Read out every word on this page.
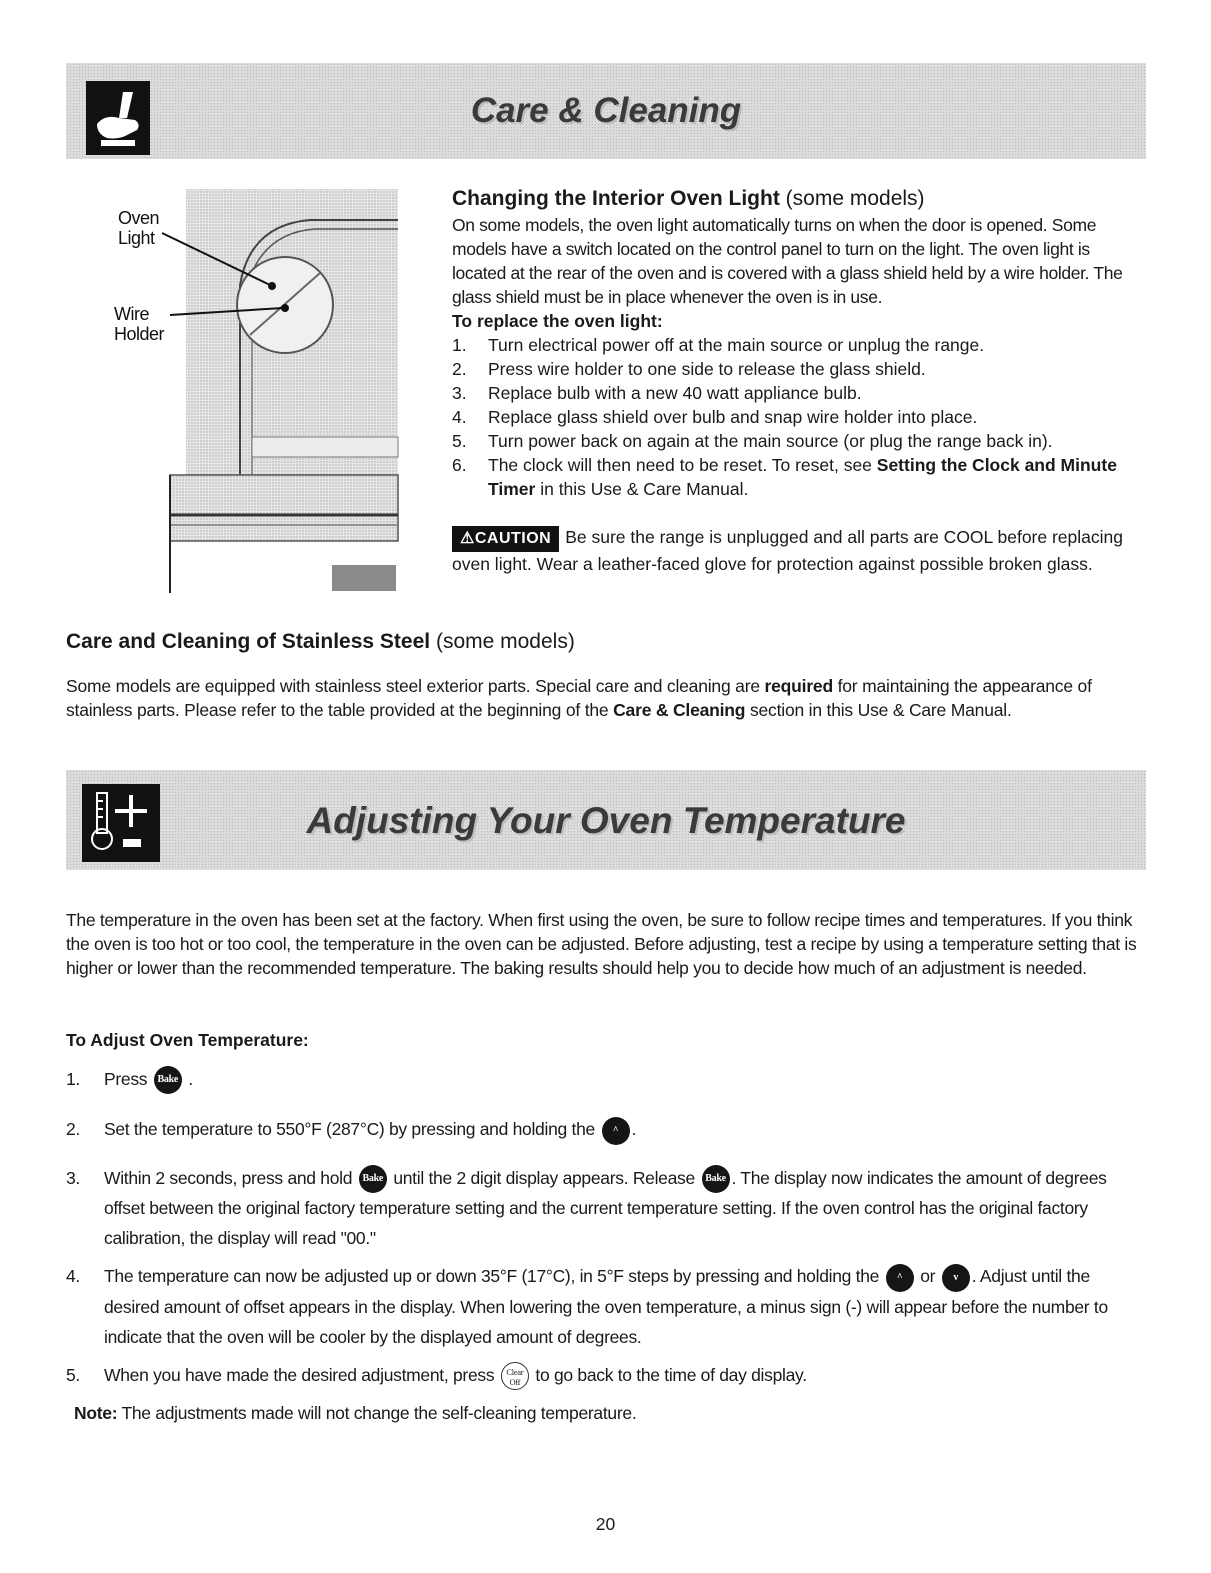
Care & Cleaning
Oven
Light
Wire
Holder
Changing the Interior Oven Light (some models)
On some models, the oven light automatically turns on when the door is opened. Some models have a switch located on the control panel to turn on the light. The oven light is located at the rear of the oven and is covered with a glass shield held by a wire holder. The glass shield must be in place whenever the oven is in use.
To replace the oven light:
1. Turn electrical power off at the main source or unplug the range.
2. Press wire holder to one side to release the glass shield.
3. Replace bulb with a new 40 watt appliance bulb.
4. Replace glass shield over bulb and snap wire holder into place.
5. Turn power back on again at the main source (or plug the range back in).
6. The clock will then need to be reset. To reset, see Setting the Clock and Minute Timer in this Use & Care Manual.
⚠CAUTION Be sure the range is unplugged and all parts are COOL before replacing oven light. Wear a leather-faced glove for protection against possible broken glass.
Care and Cleaning of Stainless Steel (some models)
Some models are equipped with stainless steel exterior parts. Special care and cleaning are required for maintaining the appearance of stainless parts. Please refer to the table provided at the beginning of the Care & Cleaning section in this Use & Care Manual.
Adjusting Your Oven Temperature
The temperature in the oven has been set at the factory. When first using the oven, be sure to follow recipe times and temperatures. If you think the oven is too hot or too cool, the temperature in the oven can be adjusted. Before adjusting, test a recipe by using a temperature setting that is higher or lower than the recommended temperature. The baking results should help you to decide how much of an adjustment is needed.
To Adjust Oven Temperature:
1. Press Bake .
2. Set the temperature to 550°F (287°C) by pressing and holding the ^ .
3. Within 2 seconds, press and hold Bake until the 2 digit display appears. Release Bake . The display now indicates the amount of degrees offset between the original factory temperature setting and the current temperature setting. If the oven control has the original factory calibration, the display will read "00."
4. The temperature can now be adjusted up or down 35°F (17°C), in 5°F steps by pressing and holding the ^ or v . Adjust until the desired amount of offset appears in the display. When lowering the oven temperature, a minus sign (-) will appear before the number to indicate that the oven will be cooler by the displayed amount of degrees.
5. When you have made the desired adjustment, press Clear Off to go back to the time of day display.
Note: The adjustments made will not change the self-cleaning temperature.
20
